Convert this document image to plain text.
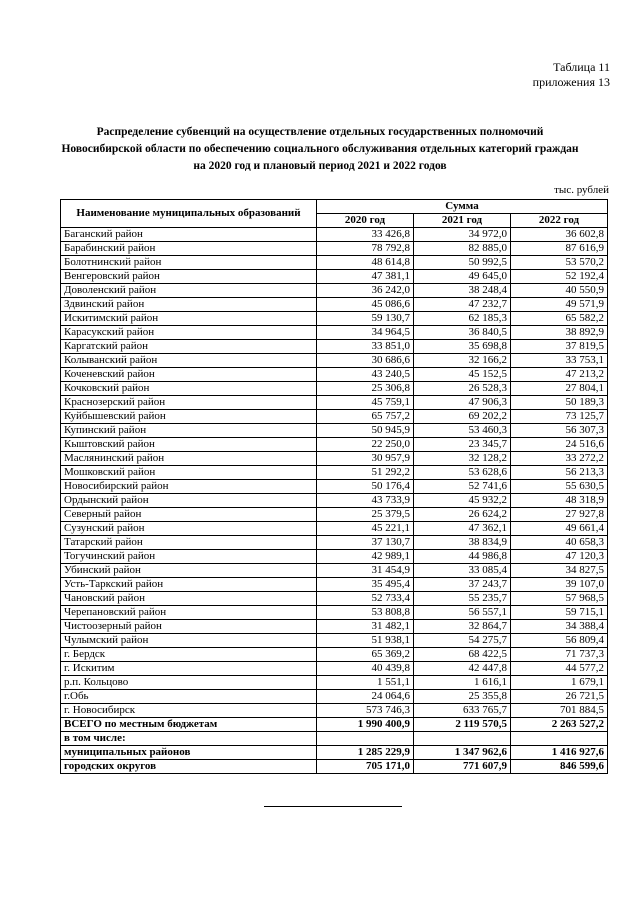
Таблица 11
приложения 13
Распределение субвенций на осуществление отдельных государственных полномочий
Новосибирской области по обеспечению социального обслуживания отдельных категорий граждан
на 2020 год и плановый период 2021 и 2022 годов
тыс. рублей
Наименование муниципальных образований	Сумма		
	2020 год	2021 год	2022 год
Баганский район	33 426,8	34 972,0	36 602,8
Барабинский район	78 792,8	82 885,0	87 616,9
Болотнинский район	48 614,8	50 992,5	53 570,2
Венгеровский район	47 381,1	49 645,0	52 192,4
Доволенский район	36 242,0	38 248,4	40 550,9
Здвинский район	45 086,6	47 232,7	49 571,9
Искитимский район	59 130,7	62 185,3	65 582,2
Карасукский район	34 964,5	36 840,5	38 892,9
Каргатский район	33 851,0	35 698,8	37 819,5
Колыванский район	30 686,6	32 166,2	33 753,1
Коченевский район	43 240,5	45 152,5	47 213,2
Кочковский район	25 306,8	26 528,3	27 804,1
Краснозерский район	45 759,1	47 906,3	50 189,3
Куйбышевский район	65 757,2	69 202,2	73 125,7
Купинский район	50 945,9	53 460,3	56 307,3
Кыштовский район	22 250,0	23 345,7	24 516,6
Маслянинский район	30 957,9	32 128,2	33 272,2
Мошковский район	51 292,2	53 628,6	56 213,3
Новосибирский район	50 176,4	52 741,6	55 630,5
Ордынский район	43 733,9	45 932,2	48 318,9
Северный район	25 379,5	26 624,2	27 927,8
Сузунский район	45 221,1	47 362,1	49 661,4
Татарский район	37 130,7	38 834,9	40 658,3
Тогучинский район	42 989,1	44 986,8	47 120,3
Убинский район	31 454,9	33 085,4	34 827,5
Усть-Таркский район	35 495,4	37 243,7	39 107,0
Чановский район	52 733,4	55 235,7	57 968,5
Черепановский район	53 808,8	56 557,1	59 715,1
Чистоозерный район	31 482,1	32 864,7	34 388,4
Чулымский район	51 938,1	54 275,7	56 809,4
г. Бердск	65 369,2	68 422,5	71 737,3
г. Искитим	40 439,8	42 447,8	44 577,2
р.п. Кольцово	1 551,1	1 616,1	1 679,1
г.Обь	24 064,6	25 355,8	26 721,5
г. Новосибирск	573 746,3	633 765,7	701 884,5
ВСЕГО по местным бюджетам	1 990 400,9	2 119 570,5	2 263 527,2
в том числе:			
муниципальных районов	1 285 229,9	1 347 962,6	1 416 927,6
городских округов	705 171,0	771 607,9	846 599,6
